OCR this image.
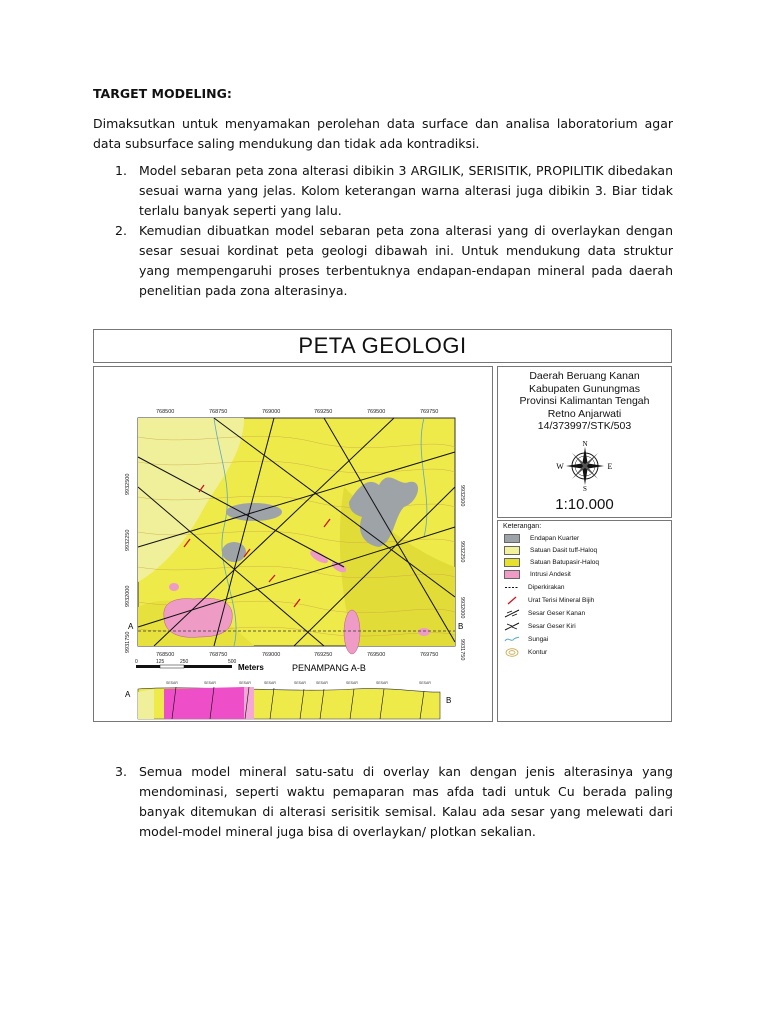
TARGET MODELING:
Dimaksutkan untuk menyamakan perolehan data surface dan analisa laboratorium agar data subsurface saling mendukung dan tidak ada kontradiksi.
1. Model sebaran peta zona alterasi dibikin 3 ARGILIK, SERISITIK, PROPILITIK dibedakan sesuai warna yang jelas. Kolom keterangan warna alterasi juga dibikin 3. Biar tidak terlalu banyak seperti yang lalu.
2. Kemudian dibuatkan model sebaran peta zona alterasi yang di overlaykan dengan sesar sesuai kordinat peta geologi dibawah ini. Untuk mendukung data struktur yang mempengaruhi proses terbentuknya endapan-endapan mineral pada daerah penelitian pada zona alterasinya.
PETA GEOLOGI
768500	768750	769000	769250	769500	769750
768500	768750	769000	769250	769500	769750
9932500
9932250
9932000
9931750
9932500
9932250
9932000
9931750
A	B
0	125	250	500
Meters	PENAMPANG A-B
A
B
SESAR	SESAR	SESAR	SESAR	SESAR	SESAR	SESAR	SESAR	SESAR
Daerah Beruang Kanan
Kabupaten Gunungmas
Provinsi Kalimantan Tengah
Retno Anjarwati
14/373997/STK/503
N
S
W	E
1:10.000
Keterangan:
Endapan Kuarter
Satuan Dasit tuff-Haloq
Satuan Batupasir-Haloq
Intrusi Andesit
Diperkirakan
Urat Terisi Mineral Bijih
Sesar Geser Kanan
Sesar Geser Kiri
Sungai
Kontur
3. Semua model mineral satu-satu di overlay kan dengan jenis alterasinya yang mendominasi, seperti waktu pemaparan mas afda tadi untuk Cu berada paling banyak ditemukan di alterasi serisitik semisal. Kalau ada sesar yang melewati dari model-model mineral juga bisa di overlaykan/ plotkan sekalian.
